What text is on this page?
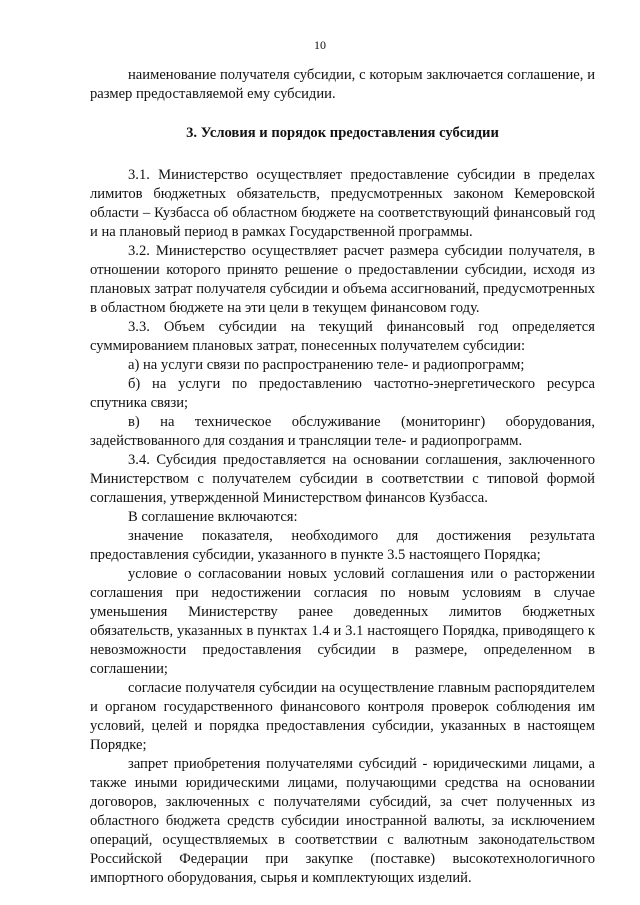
10

наименование получателя субсидии, с которым заключается соглашение, и размер предоставляемой ему субсидии.

3. Условия и порядок предоставления субсидии

3.1. Министерство осуществляет предоставление субсидии в пределах лимитов бюджетных обязательств, предусмотренных законом Кемеровской области – Кузбасса об областном бюджете на соответствующий финансовый год и на плановый период в рамках Государственной программы.

3.2. Министерство осуществляет расчет размера субсидии получателя, в отношении которого принято решение о предоставлении субсидии, исходя из плановых затрат получателя субсидии и объема ассигнований, предусмотренных в областном бюджете на эти цели в текущем финансовом году.

3.3. Объем субсидии на текущий финансовый год определяется суммированием плановых затрат, понесенных получателем субсидии:

а) на услуги связи по распространению теле- и радиопрограмм;

б) на услуги по предоставлению частотно-энергетического ресурса спутника связи;

в) на техническое обслуживание (мониторинг) оборудования, задействованного для создания и трансляции теле- и радиопрограмм.

3.4. Субсидия предоставляется на основании соглашения, заключенного Министерством с получателем субсидии в соответствии с типовой формой соглашения, утвержденной Министерством финансов Кузбасса.

В соглашение включаются:

значение показателя, необходимого для достижения результата предоставления субсидии, указанного в пункте 3.5 настоящего Порядка;

условие о согласовании новых условий соглашения или о расторжении соглашения при недостижении согласия по новым условиям в случае уменьшения Министерству ранее доведенных лимитов бюджетных обязательств, указанных в пунктах 1.4 и 3.1 настоящего Порядка, приводящего к невозможности предоставления субсидии в размере, определенном в соглашении;

согласие получателя субсидии на осуществление главным распорядителем и органом государственного финансового контроля проверок соблюдения им условий, целей и порядка предоставления субсидии, указанных в настоящем Порядке;

запрет приобретения получателями субсидий - юридическими лицами, а также иными юридическими лицами, получающими средства на основании договоров, заключенных с получателями субсидий, за счет полученных из областного бюджета средств субсидии иностранной валюты, за исключением операций, осуществляемых в соответствии с валютным законодательством Российской Федерации при закупке (поставке) высокотехнологичного импортного оборудования, сырья и комплектующих изделий.
